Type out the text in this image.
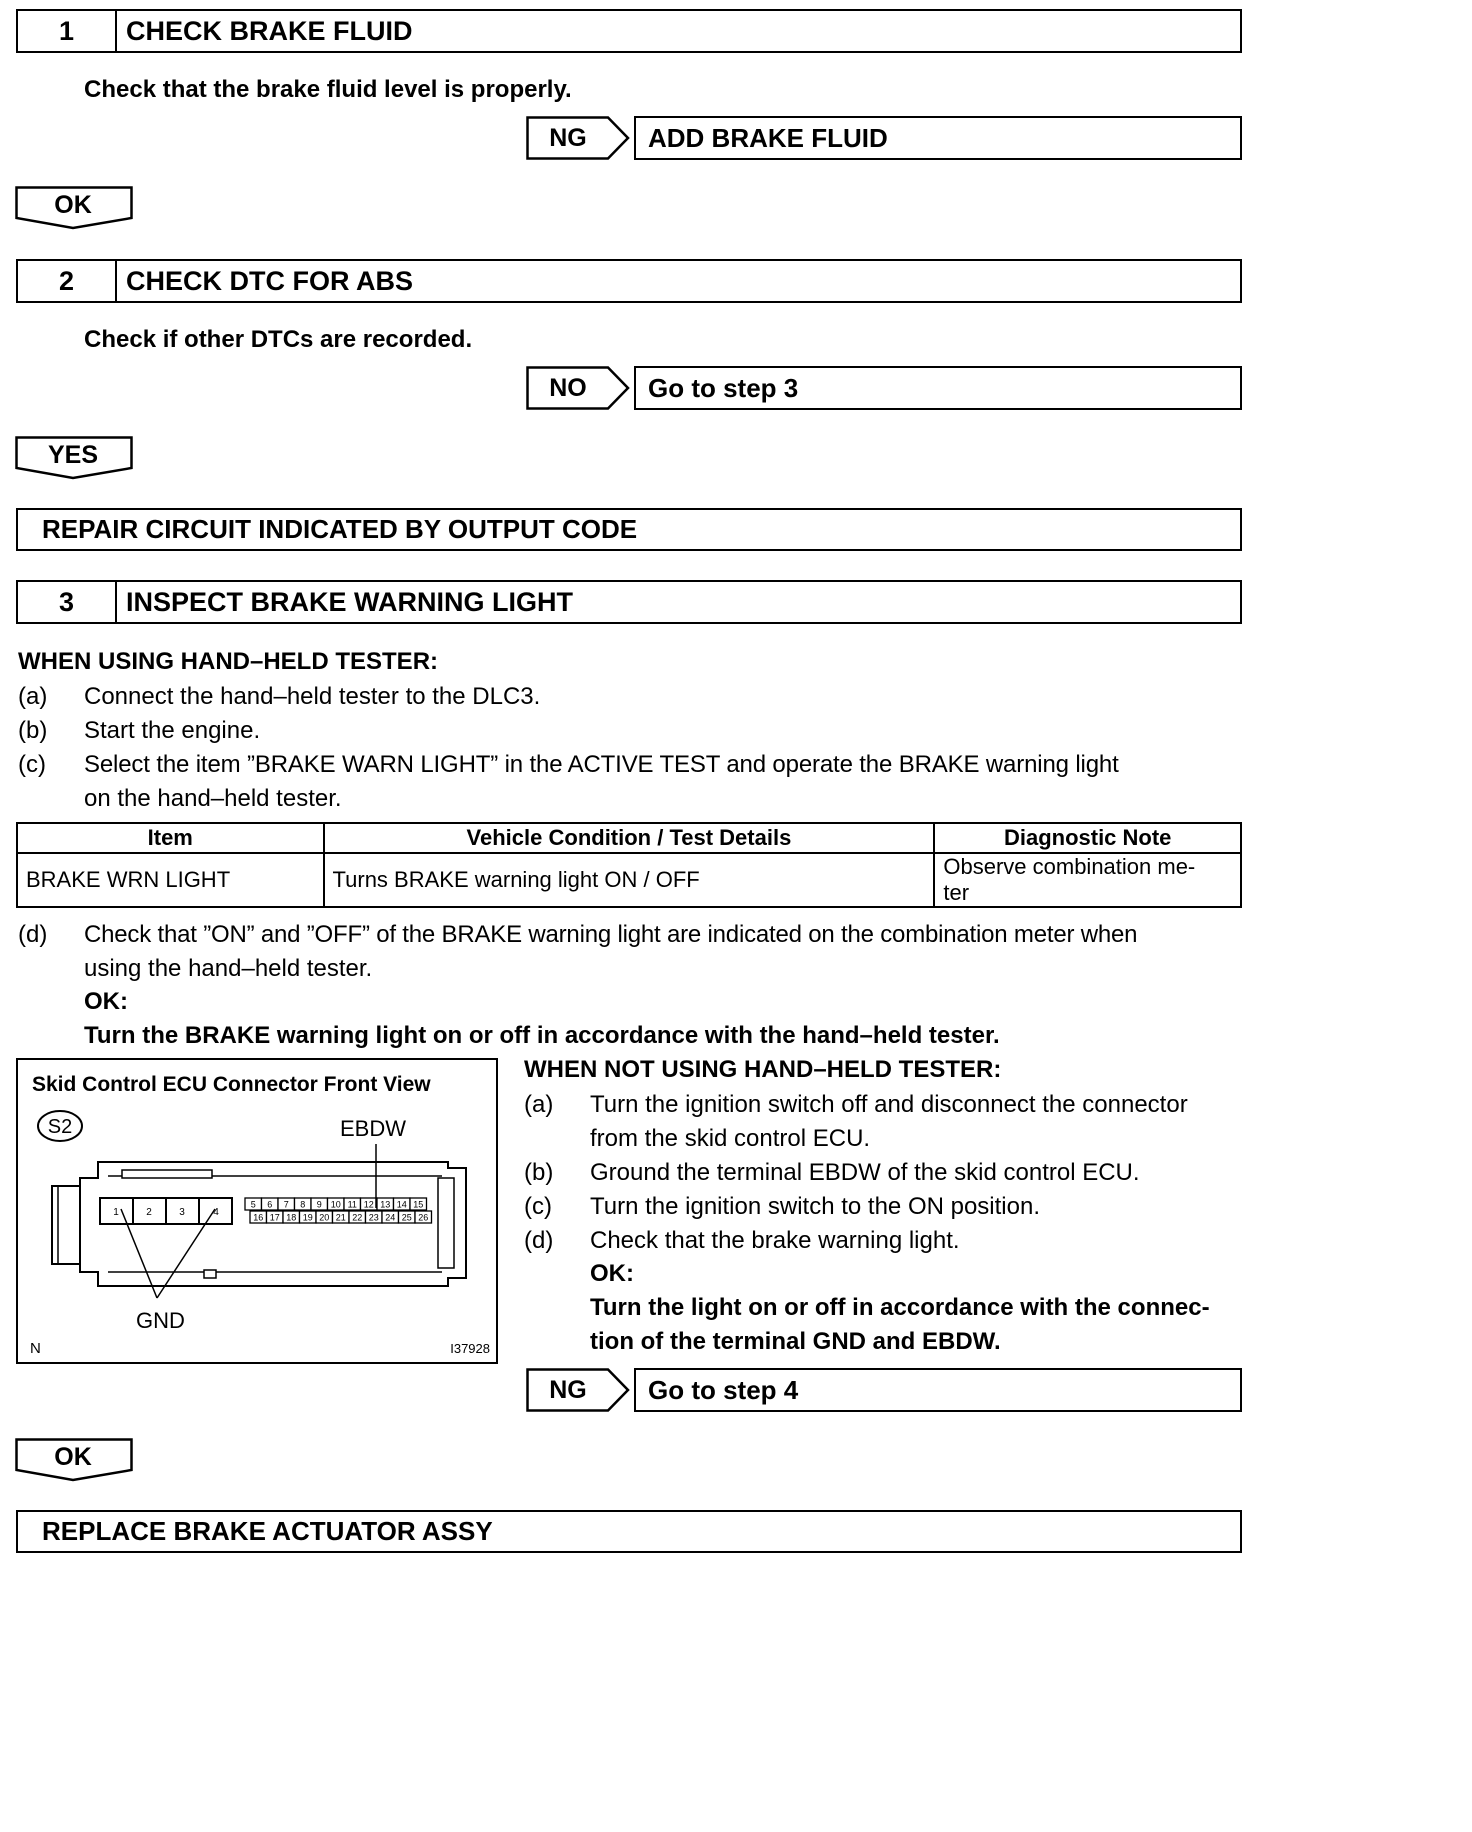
1	CHECK BRAKE FLUID
Check that the brake fluid level is properly.
NG	ADD BRAKE FLUID
OK
2	CHECK DTC FOR ABS
Check if other DTCs are recorded.
NO	Go to step 3
YES
REPAIR CIRCUIT INDICATED BY OUTPUT CODE
3	INSPECT BRAKE WARNING LIGHT
WHEN USING HAND–HELD TESTER:
(a) Connect the hand–held tester to the DLC3.
(b) Start the engine.
(c) Select the item ”BRAKE WARN LIGHT” in the ACTIVE TEST and operate the BRAKE warning light
on the hand–held tester.
Item	Vehicle Condition / Test Details	Diagnostic Note
BRAKE WRN LIGHT	Turns BRAKE warning light ON / OFF	Observe combination me-
ter
(d) Check that ”ON” and ”OFF” of the BRAKE warning light are indicated on the combination meter when
using the hand–held tester.
OK:
Turn the BRAKE warning light on or off in accordance with the hand–held tester.
Skid Control ECU Connector Front View
S2	EBDW
1	2	3	4
5 6 7 8 9 10 11 12 13 14 15
16 17 18 19 20 21 22 23 24 25 26
GND
N	I37928
WHEN NOT USING HAND–HELD TESTER:
(a) Turn the ignition switch off and disconnect the connector
from the skid control ECU.
(b) Ground the terminal EBDW of the skid control ECU.
(c) Turn the ignition switch to the ON position.
(d) Check that the brake warning light.
OK:
Turn the light on or off in accordance with the connec-
tion of the terminal GND and EBDW.
NG	Go to step 4
OK
REPLACE BRAKE ACTUATOR ASSY
